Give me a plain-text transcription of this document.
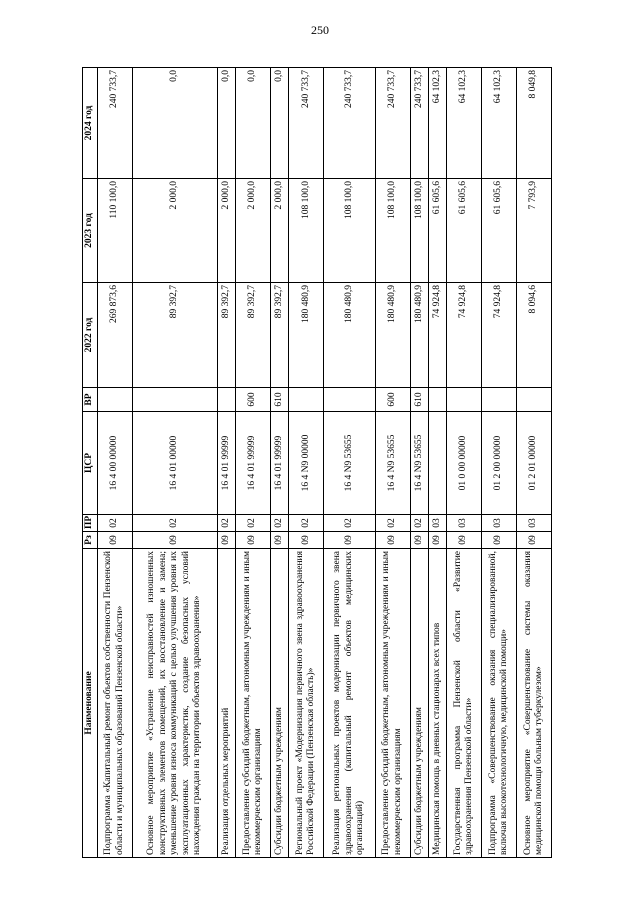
250
Наименование	Рз	ПР	ЦСР	ВР	2022 год	2023 год	2024 год
Подпрограмма «Капитальный ремонт объектов собственности Пензенской области и муниципальных образований Пензенской области»	09	02	16 4 00 00000		269 873,6	110 100,0	240 733,7
Основное мероприятие «Устранение неисправностей изношенных конструктивных элементов помещений, их восстановление и замена; уменьшение уровня износа коммуникаций с целью улучшения уровня их эксплуатационных характеристик, создание безопасных условий нахождения граждан на территории объектов здравоохранения»	09	02	16 4 01 00000		89 392,7	2 000,0	0,0
Реализация отдельных мероприятий	09	02	16 4 01 99999		89 392,7	2 000,0	0,0
Предоставление субсидий бюджетным, автономным учреждениям и иным некоммерческим организациям	09	02	16 4 01 99999	600	89 392,7	2 000,0	0,0
Субсидии бюджетным учреждениям	09	02	16 4 01 99999	610	89 392,7	2 000,0	0,0
Региональный проект «Модернизация первичного звена здравоохранения Российской Федерации (Пензенская область)»	09	02	16 4 N9 00000		180 480,9	108 100,0	240 733,7
Реализация региональных проектов модернизации первичного звена здравоохранения (капитальный ремонт объектов медицинских организаций)	09	02	16 4 N9 53655		180 480,9	108 100,0	240 733,7
Предоставление субсидий бюджетным, автономным учреждениям и иным некоммерческим организациям	09	02	16 4 N9 53655	600	180 480,9	108 100,0	240 733,7
Субсидии бюджетным учреждениям	09	02	16 4 N9 53655	610	180 480,9	108 100,0	240 733,7
Медицинская помощь в дневных стационарах всех типов	09	03			74 924,8	61 605,6	64 102,3
Государственная программа Пензенской области «Развитие здравоохранения Пензенской области»	09	03	01 0 00 00000		74 924,8	61 605,6	64 102,3
Подпрограмма «Совершенствование оказания специализированной, включая высокотехнологичную, медицинской помощи»	09	03	01 2 00 00000		74 924,8	61 605,6	64 102,3
Основное мероприятие «Совершенствование системы оказания медицинской помощи больным туберкулезом»	09	03	01 2 01 00000		8 094,6	7 793,9	8 049,8
